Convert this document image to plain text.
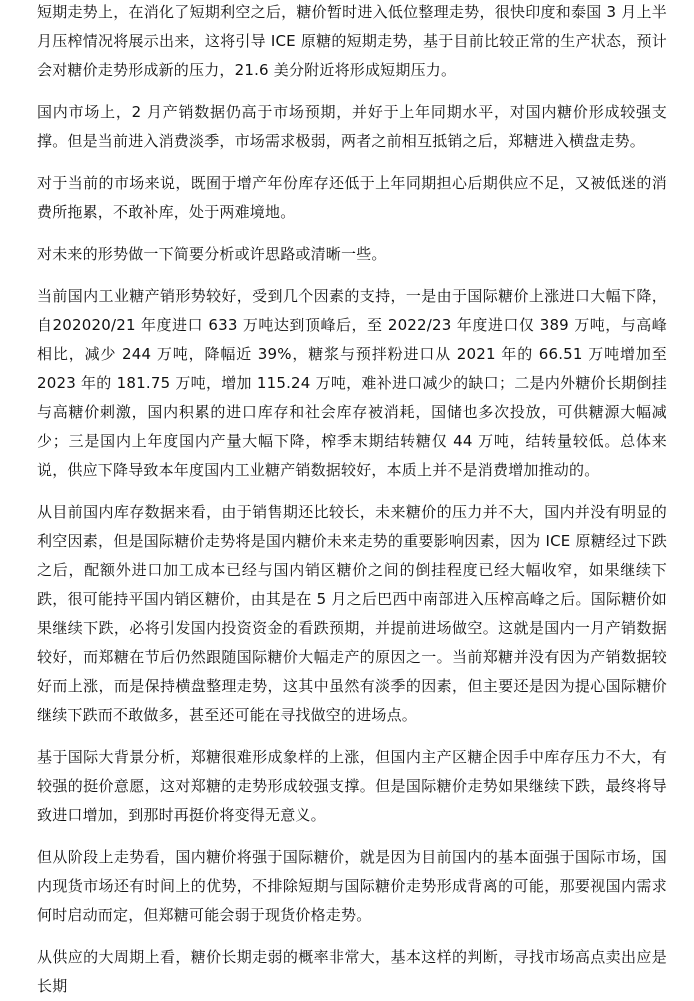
短期走势上，在消化了短期利空之后，糖价暂时进入低位整理走势，很快印度和泰国 3 月上半月压榨情况将展示出来，这将引导 ICE 原糖的短期走势，基于目前比较正常的生产状态，预计会对糖价走势形成新的压力，21.6 美分附近将形成短期压力。

国内市场上，2 月产销数据仍高于市场预期，并好于上年同期水平，对国内糖价形成较强支撑。但是当前进入消费淡季，市场需求极弱，两者之前相互抵销之后，郑糖进入横盘走势。

对于当前的市场来说，既囿于增产年份库存还低于上年同期担心后期供应不足，又被低迷的消费所拖累，不敢补库，处于两难境地。

对未来的形势做一下简要分析或许思路或清晰一些。

当前国内工业糖产销形势较好，受到几个因素的支持，一是由于国际糖价上涨进口大幅下降，自202020/21 年度进口 633 万吨达到顶峰后，至 2022/23 年度进口仅 389 万吨，与高峰相比，减少 244 万吨，降幅近 39%，糖浆与预拌粉进口从 2021 年的 66.51 万吨增加至 2023 年的 181.75 万吨，增加 115.24 万吨，难补进口减少的缺口；二是内外糖价长期倒挂与高糖价刺激，国内积累的进口库存和社会库存被消耗，国储也多次投放，可供糖源大幅减少；三是国内上年度国内产量大幅下降，榨季末期结转糖仅 44 万吨，结转量较低。总体来说，供应下降导致本年度国内工业糖产销数据较好，本质上并不是消费增加推动的。

从目前国内库存数据来看，由于销售期还比较长，未来糖价的压力并不大，国内并没有明显的利空因素，但是国际糖价走势将是国内糖价未来走势的重要影响因素，因为 ICE 原糖经过下跌之后，配额外进口加工成本已经与国内销区糖价之间的倒挂程度已经大幅收窄，如果继续下跌，很可能持平国内销区糖价，由其是在 5 月之后巴西中南部进入压榨高峰之后。国际糖价如果继续下跌，必将引发国内投资资金的看跌预期，并提前进场做空。这就是国内一月产销数据较好，而郑糖在节后仍然跟随国际糖价大幅走产的原因之一。当前郑糖并没有因为产销数据较好而上涨，而是保持横盘整理走势，这其中虽然有淡季的因素，但主要还是因为提心国际糖价继续下跌而不敢做多，甚至还可能在寻找做空的进场点。

基于国际大背景分析，郑糖很难形成象样的上涨，但国内主产区糖企因手中库存压力不大，有较强的挺价意愿，这对郑糖的走势形成较强支撑。但是国际糖价走势如果继续下跌，最终将导致进口增加，到那时再挺价将变得无意义。

但从阶段上走势看，国内糖价将强于国际糖价，就是因为目前国内的基本面强于国际市场，国内现货市场还有时间上的优势，不排除短期与国际糖价走势形成背离的可能，那要视国内需求何时启动而定，但郑糖可能会弱于现货价格走势。

从供应的大周期上看，糖价长期走弱的概率非常大，基本这样的判断，寻找市场高点卖出应是长期
